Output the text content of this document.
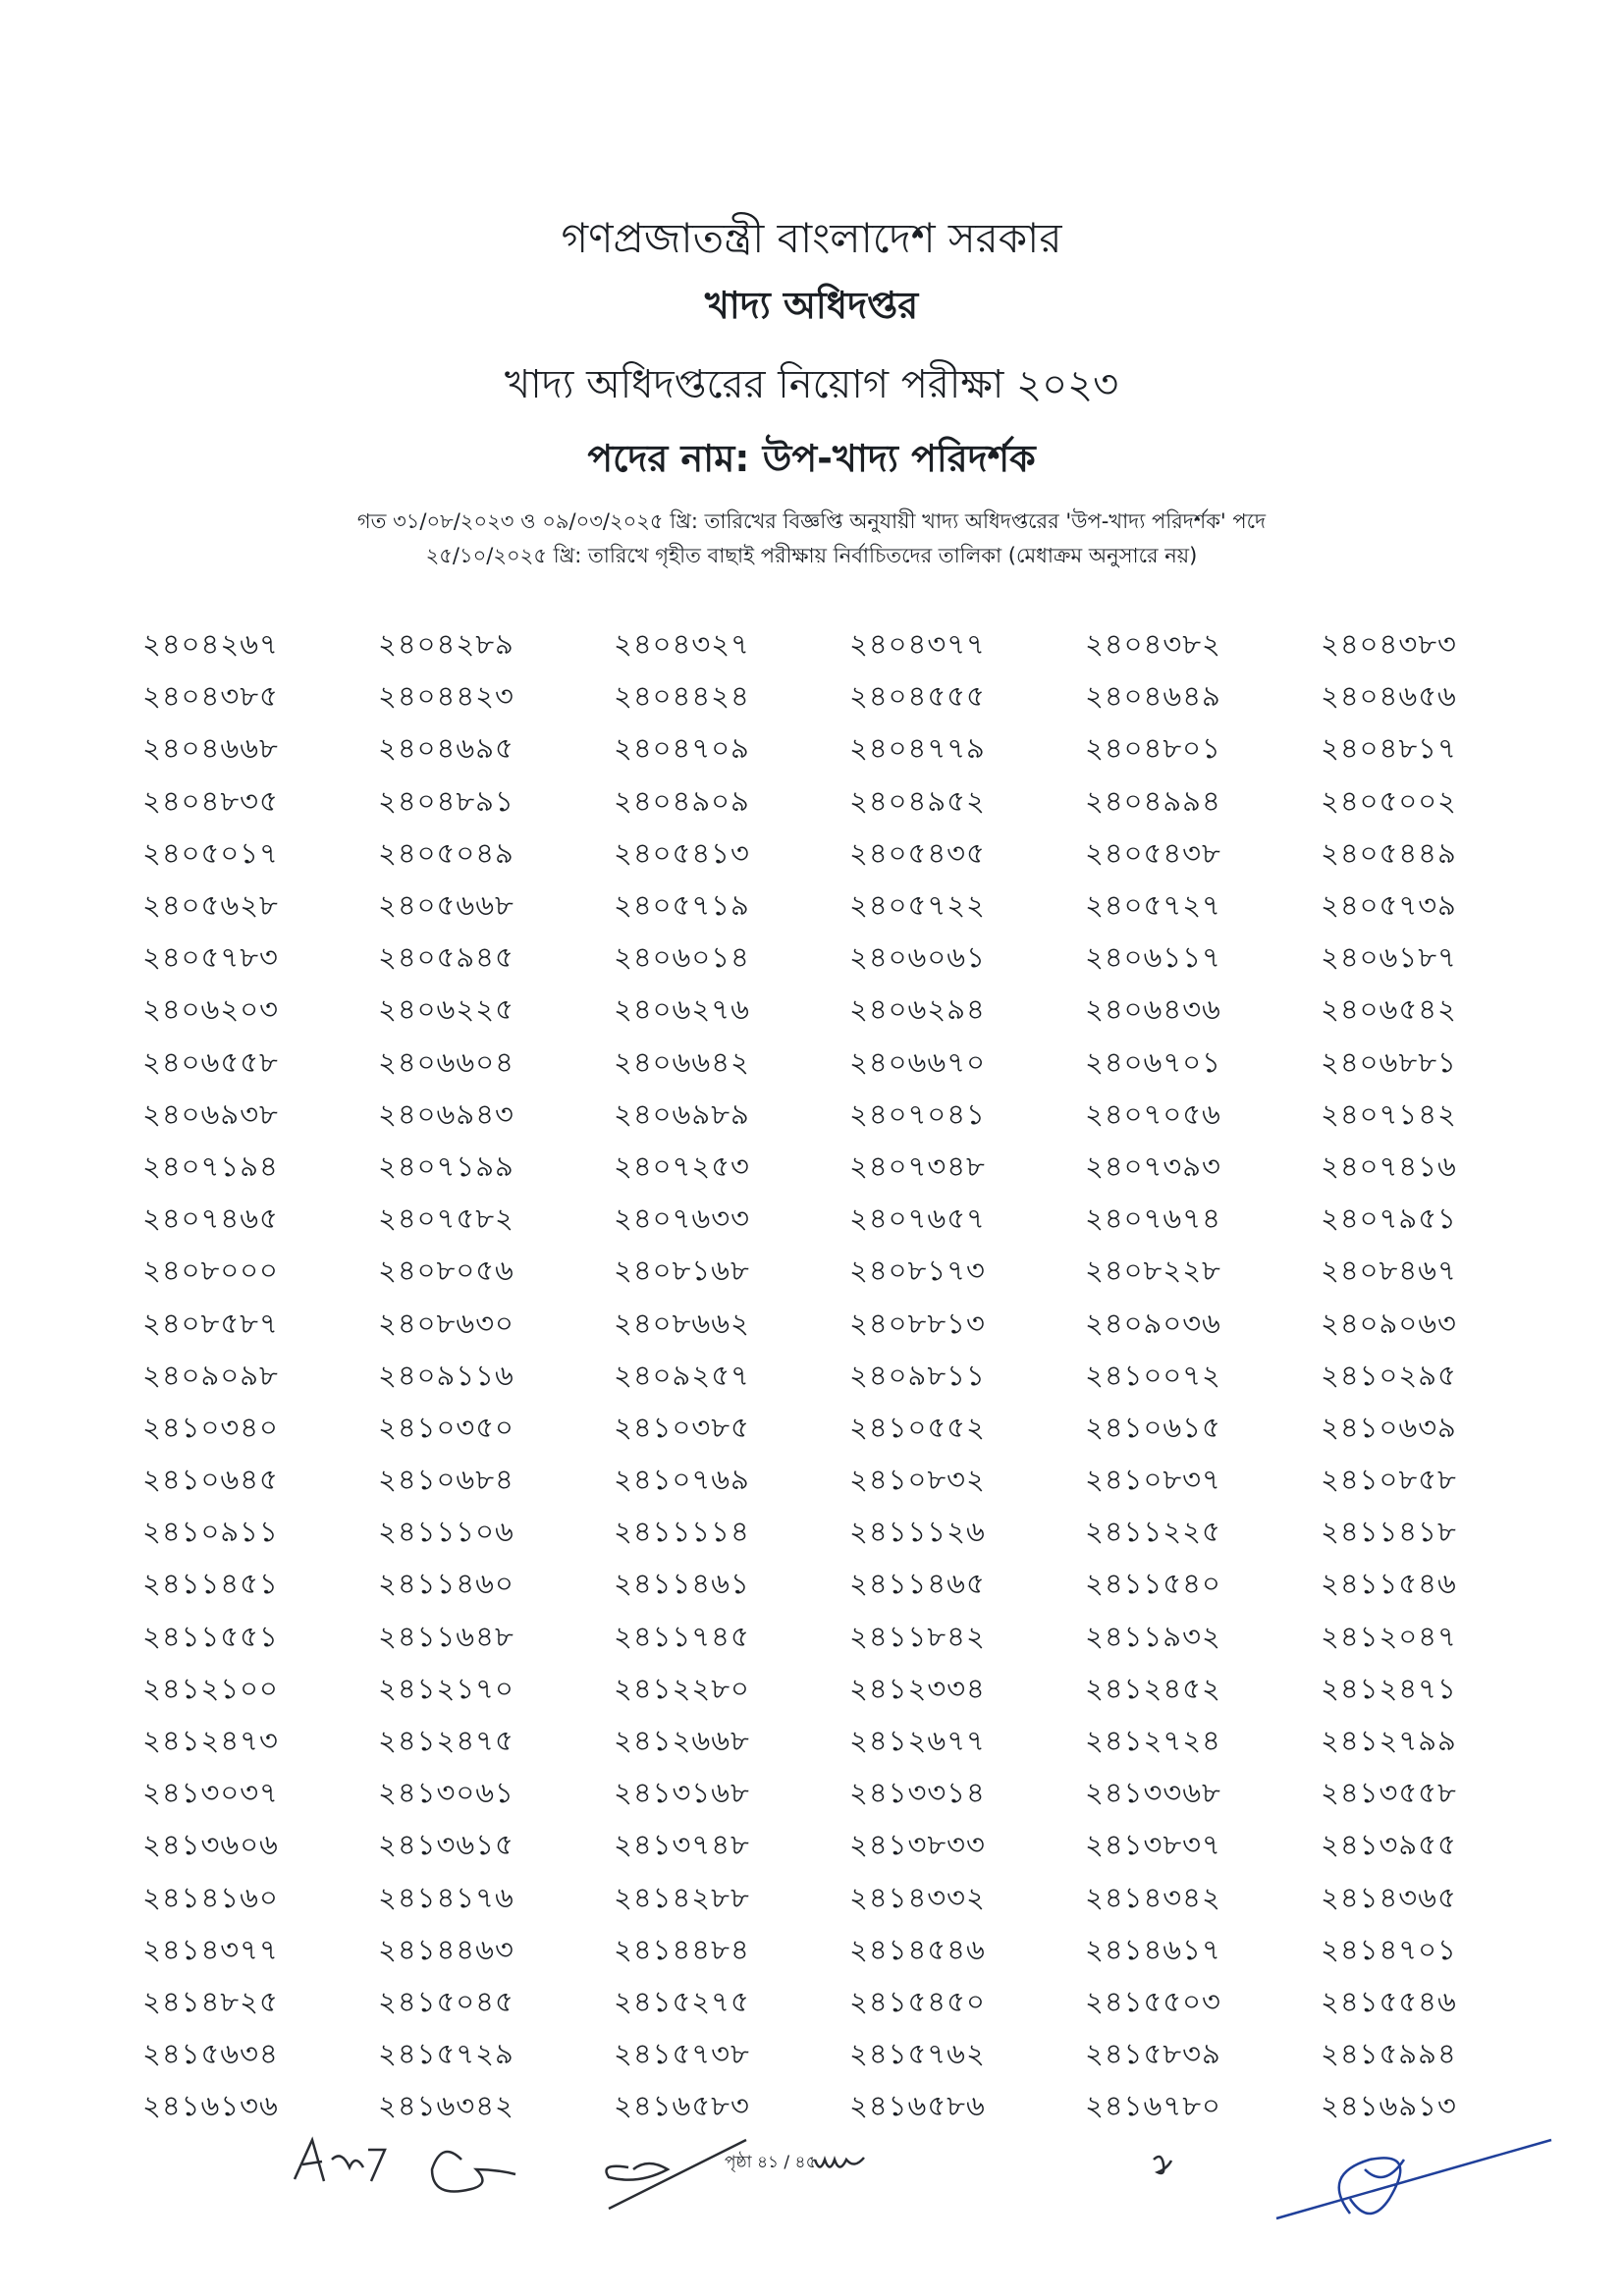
গণপ্রজাতন্ত্রী বাংলাদেশ সরকার
খাদ্য অধিদপ্তর
খাদ্য অধিদপ্তরের নিয়োগ পরীক্ষা ২০২৩
পদের নাম: উপ-খাদ্য পরিদর্শক
গত ৩১/০৮/২০২৩ ও ০৯/০৩/২০২৫ খ্রি: তারিখের বিজ্ঞপ্তি অনুযায়ী খাদ্য অধিদপ্তরের 'উপ-খাদ্য পরিদর্শক' পদে
২৫/১০/২০২৫ খ্রি: তারিখে গৃহীত বাছাই পরীক্ষায় নির্বাচিতদের তালিকা (মেধাক্রম অনুসারে নয়)
২৪০৪২৬৭	২৪০৪২৮৯	২৪০৪৩২৭	২৪০৪৩৭৭	২৪০৪৩৮২	২৪০৪৩৮৩
২৪০৪৩৮৫	২৪০৪৪২৩	২৪০৪৪২৪	২৪০৪৫৫৫	২৪০৪৬৪৯	২৪০৪৬৫৬
২৪০৪৬৬৮	২৪০৪৬৯৫	২৪০৪৭০৯	২৪০৪৭৭৯	২৪০৪৮০১	২৪০৪৮১৭
২৪০৪৮৩৫	২৪০৪৮৯১	২৪০৪৯০৯	২৪০৪৯৫২	২৪০৪৯৯৪	২৪০৫০০২
২৪০৫০১৭	২৪০৫০৪৯	২৪০৫৪১৩	২৪০৫৪৩৫	২৪০৫৪৩৮	২৪০৫৪৪৯
২৪০৫৬২৮	২৪০৫৬৬৮	২৪০৫৭১৯	২৪০৫৭২২	২৪০৫৭২৭	২৪০৫৭৩৯
২৪০৫৭৮৩	২৪০৫৯৪৫	২৪০৬০১৪	২৪০৬০৬১	২৪০৬১১৭	২৪০৬১৮৭
২৪০৬২০৩	২৪০৬২২৫	২৪০৬২৭৬	২৪০৬২৯৪	২৪০৬৪৩৬	২৪০৬৫৪২
২৪০৬৫৫৮	২৪০৬৬০৪	২৪০৬৬৪২	২৪০৬৬৭০	২৪০৬৭০১	২৪০৬৮৮১
২৪০৬৯৩৮	২৪০৬৯৪৩	২৪০৬৯৮৯	২৪০৭০৪১	২৪০৭০৫৬	২৪০৭১৪২
২৪০৭১৯৪	২৪০৭১৯৯	২৪০৭২৫৩	২৪০৭৩৪৮	২৪০৭৩৯৩	২৪০৭৪১৬
২৪০৭৪৬৫	২৪০৭৫৮২	২৪০৭৬৩৩	২৪০৭৬৫৭	২৪০৭৬৭৪	২৪০৭৯৫১
২৪০৮০০০	২৪০৮০৫৬	২৪০৮১৬৮	২৪০৮১৭৩	২৪০৮২২৮	২৪০৮৪৬৭
২৪০৮৫৮৭	২৪০৮৬৩০	২৪০৮৬৬২	২৪০৮৮১৩	২৪০৯০৩৬	২৪০৯০৬৩
২৪০৯০৯৮	২৪০৯১১৬	২৪০৯২৫৭	২৪০৯৮১১	২৪১০০৭২	২৪১০২৯৫
২৪১০৩৪০	২৪১০৩৫০	২৪১০৩৮৫	২৪১০৫৫২	২৪১০৬১৫	২৪১০৬৩৯
২৪১০৬৪৫	২৪১০৬৮৪	২৪১০৭৬৯	২৪১০৮৩২	২৪১০৮৩৭	২৪১০৮৫৮
২৪১০৯১১	২৪১১১০৬	২৪১১১১৪	২৪১১১২৬	২৪১১২২৫	২৪১১৪১৮
২৪১১৪৫১	২৪১১৪৬০	২৪১১৪৬১	২৪১১৪৬৫	২৪১১৫৪০	২৪১১৫৪৬
২৪১১৫৫১	২৪১১৬৪৮	২৪১১৭৪৫	২৪১১৮৪২	২৪১১৯৩২	২৪১২০৪৭
২৪১২১০০	২৪১২১৭০	২৪১২২৮০	২৪১২৩৩৪	২৪১২৪৫২	২৪১২৪৭১
২৪১২৪৭৩	২৪১২৪৭৫	২৪১২৬৬৮	২৪১২৬৭৭	২৪১২৭২৪	২৪১২৭৯৯
২৪১৩০৩৭	২৪১৩০৬১	২৪১৩১৬৮	২৪১৩৩১৪	২৪১৩৩৬৮	২৪১৩৫৫৮
২৪১৩৬০৬	২৪১৩৬১৫	২৪১৩৭৪৮	২৪১৩৮৩৩	২৪১৩৮৩৭	২৪১৩৯৫৫
২৪১৪১৬০	২৪১৪১৭৬	২৪১৪২৮৮	২৪১৪৩৩২	২৪১৪৩৪২	২৪১৪৩৬৫
২৪১৪৩৭৭	২৪১৪৪৬৩	২৪১৪৪৮৪	২৪১৪৫৪৬	২৪১৪৬১৭	২৪১৪৭০১
২৪১৪৮২৫	২৪১৫০৪৫	২৪১৫২৭৫	২৪১৫৪৫০	২৪১৫৫০৩	২৪১৫৫৪৬
২৪১৫৬৩৪	২৪১৫৭২৯	২৪১৫৭৩৮	২৪১৫৭৬২	২৪১৫৮৩৯	২৪১৫৯৯৪
২৪১৬১৩৬	২৪১৬৩৪২	২৪১৬৫৮৩	২৪১৬৫৮৬	২৪১৬৭৮০	২৪১৬৯১৩
পৃষ্ঠা ৪১ / ৪৫
